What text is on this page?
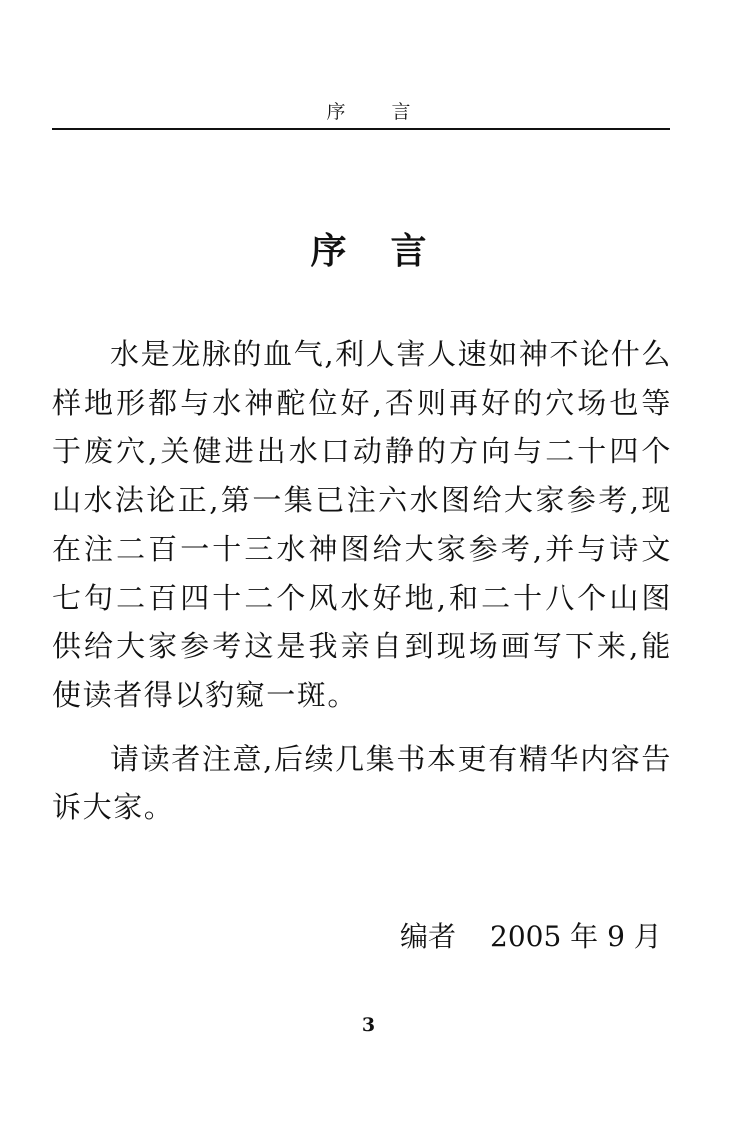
序 言
序言

水是龙脉的血气,利人害人速如神不论什么样地形都与水神酡位好,否则再好的穴场也等于废穴,关健进出水口动静的方向与二十四个山水法论正,第一集已注六水图给大家参考,现在注二百一十三水神图给大家参考,并与诗文七句二百四十二个风水好地,和二十八个山图供给大家参考这是我亲自到现场画写下来,能使读者得以豹窥一斑。

请读者注意,后续几集书本更有精华内容告诉大家。

编者 2005 年 9 月
3
